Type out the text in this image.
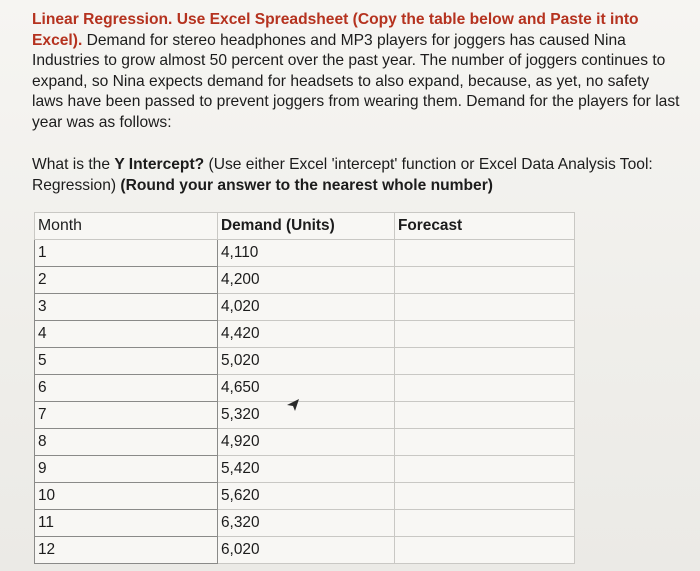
Linear Regression. Use Excel Spreadsheet (Copy the table below and Paste it into Excel). Demand for stereo headphones and MP3 players for joggers has caused Nina Industries to grow almost 50 percent over the past year. The number of joggers continues to expand, so Nina expects demand for headsets to also expand, because, as yet, no safety laws have been passed to prevent joggers from wearing them. Demand for the players for last year was as follows:
What is the Y Intercept? (Use either Excel 'intercept' function or Excel Data Analysis Tool: Regression) (Round your answer to the nearest whole number)
Month	Demand (Units)	Forecast
1	4,110	
2	4,200	
3	4,020	
4	4,420	
5	5,020	
6	4,650	
7	5,320	
8	4,920	
9	5,420	
10	5,620	
11	6,320	
12	6,020	
